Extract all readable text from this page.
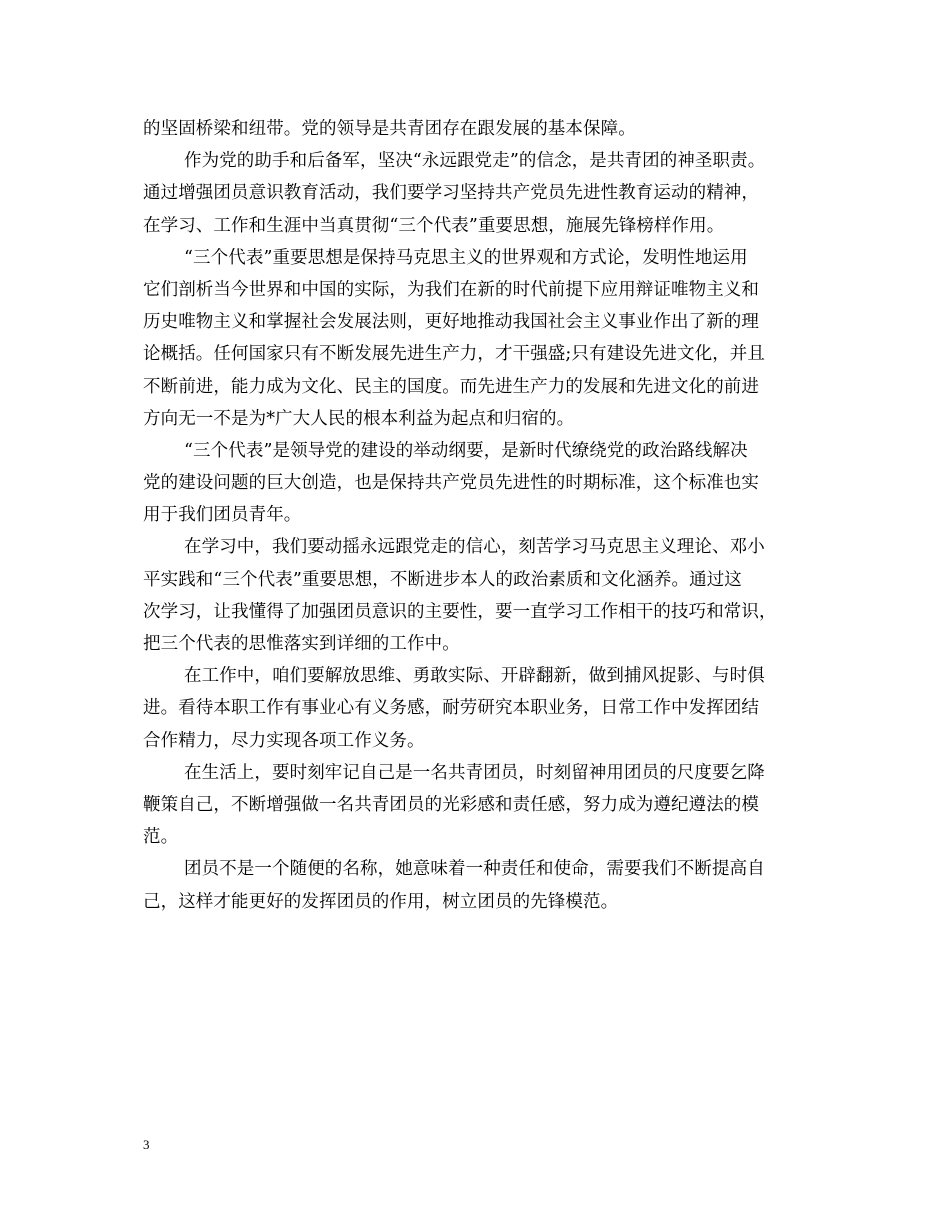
的坚固桥梁和纽带。党的领导是共青团存在跟发展的基本保障。
作为党的助手和后备军，坚决“永远跟党走”的信念，是共青团的神圣职责。
通过增强团员意识教育活动，我们要学习坚持共产党员先进性教育运动的精神，
在学习、工作和生涯中当真贯彻“三个代表”重要思想，施展先锋榜样作用。
“三个代表”重要思想是保持马克思主义的世界观和方式论，发明性地运用
它们剖析当今世界和中国的实际，为我们在新的时代前提下应用辩证唯物主义和
历史唯物主义和掌握社会发展法则，更好地推动我国社会主义事业作出了新的理
论概括。任何国家只有不断发展先进生产力，才干强盛;只有建设先进文化，并且
不断前进，能力成为文化、民主的国度。而先进生产力的发展和先进文化的前进
方向无一不是为*广大人民的根本利益为起点和归宿的。
“三个代表”是领导党的建设的举动纲要，是新时代缭绕党的政治路线解决
党的建设问题的巨大创造，也是保持共产党员先进性的时期标准，这个标准也实
用于我们团员青年。
在学习中，我们要动摇永远跟党走的信心，刻苦学习马克思主义理论、邓小
平实践和“三个代表”重要思想，不断进步本人的政治素质和文化涵养。通过这
次学习，让我懂得了加强团员意识的主要性，要一直学习工作相干的技巧和常识，
把三个代表的思惟落实到详细的工作中。
在工作中，咱们要解放思维、勇敢实际、开辟翻新，做到捕风捉影、与时俱
进。看待本职工作有事业心有义务感，耐劳研究本职业务，日常工作中发挥团结
合作精力，尽力实现各项工作义务。
在生活上，要时刻牢记自己是一名共青团员，时刻留神用团员的尺度要乞降
鞭策自己，不断增强做一名共青团员的光彩感和责任感，努力成为遵纪遵法的模
范。
团员不是一个随便的名称，她意味着一种责任和使命，需要我们不断提高自
己，这样才能更好的发挥团员的作用，树立团员的先锋模范。
3
